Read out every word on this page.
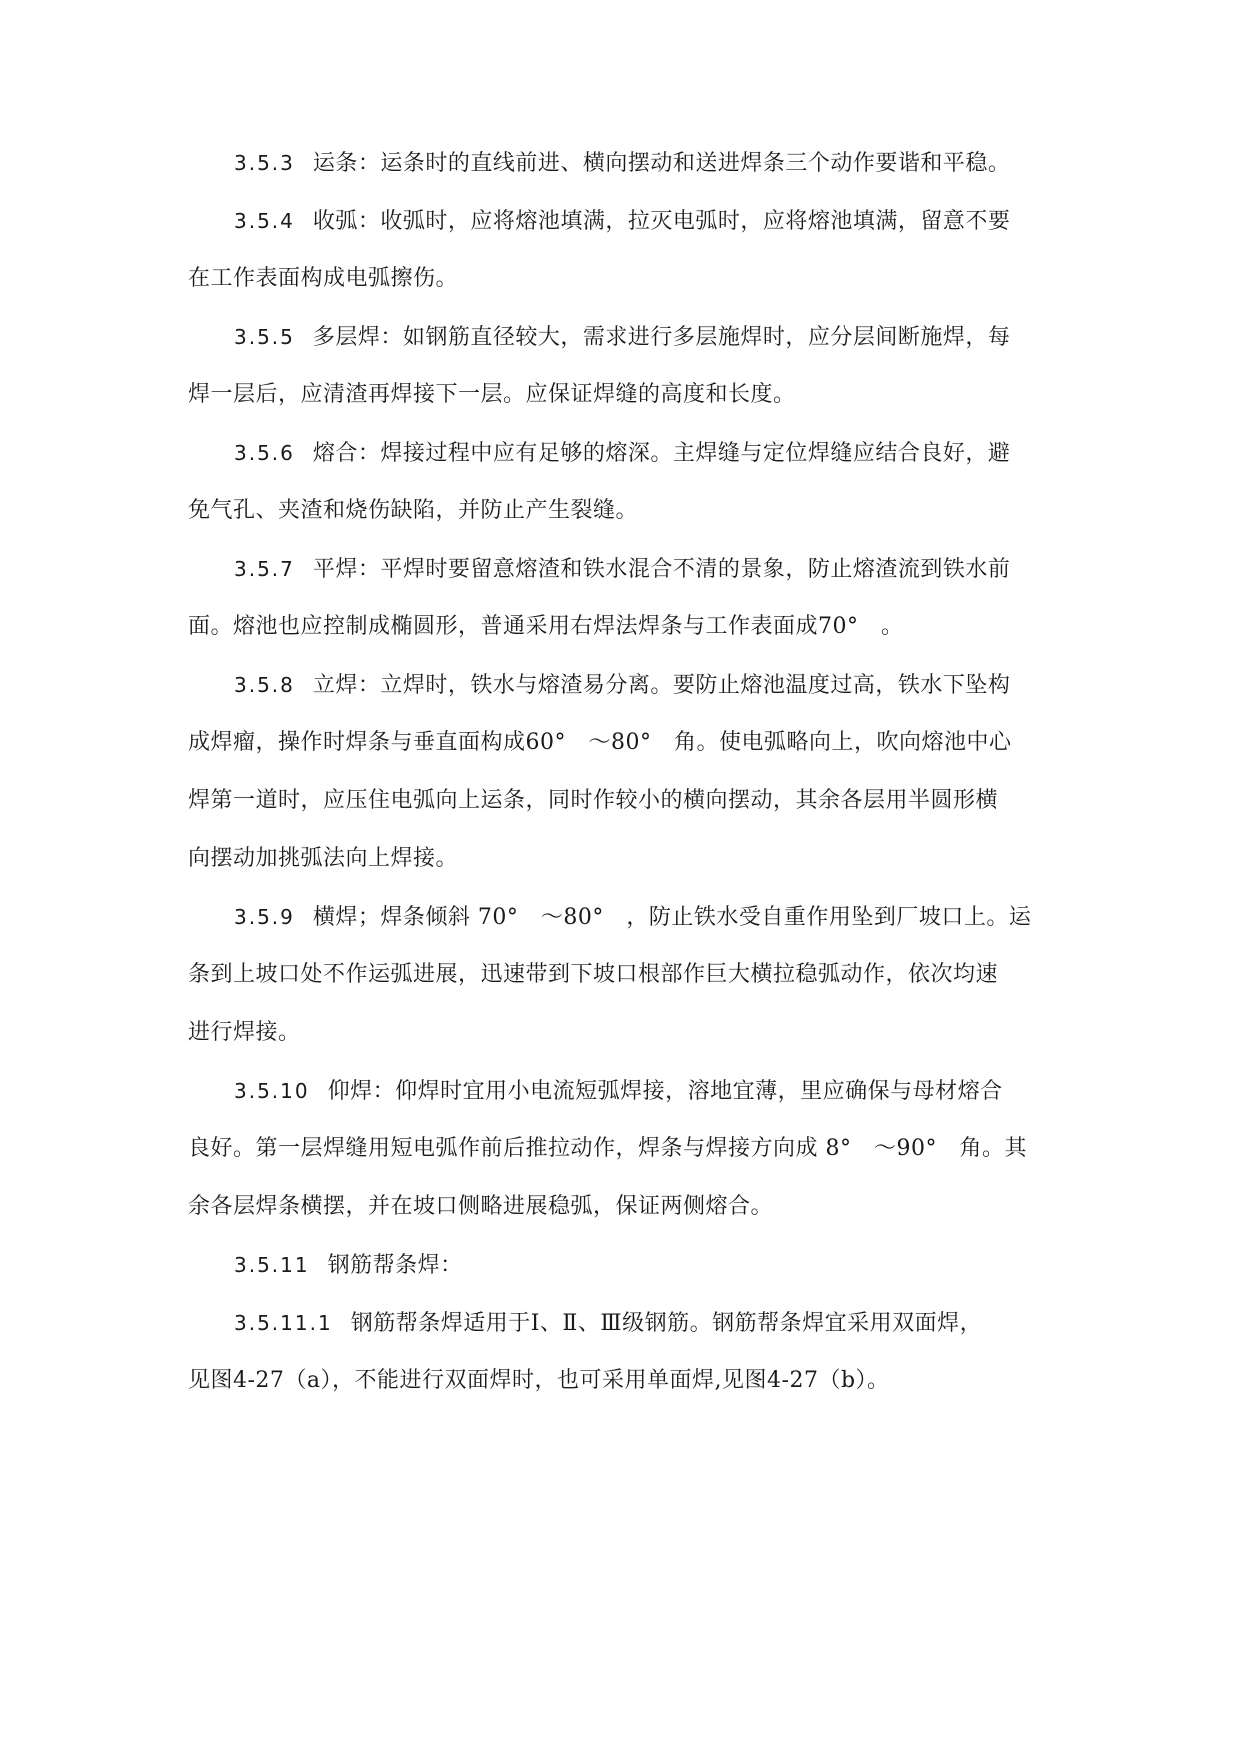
3.5.3 运条：运条时的直线前进、横向摆动和送进焊条三个动作要谐和平稳。
3.5.4 收弧：收弧时，应将熔池填满，拉灭电弧时，应将熔池填满，留意不要
在工作表面构成电弧擦伤。
3.5.5 多层焊：如钢筋直径较大，需求进行多层施焊时，应分层间断施焊，每
焊一层后，应清渣再焊接下一层。应保证焊缝的高度和长度。
3.5.6 熔合：焊接过程中应有足够的熔深。主焊缝与定位焊缝应结合良好，避
免气孔、夹渣和烧伤缺陷，并防止产生裂缝。
3.5.7 平焊：平焊时要留意熔渣和铁水混合不清的景象，防止熔渣流到铁水前
面。熔池也应控制成椭圆形，普通采用右焊法焊条与工作表面成70°　。
3.5.8 立焊：立焊时，铁水与熔渣易分离。要防止熔池温度过高，铁水下坠构
成焊瘤，操作时焊条与垂直面构成60°　～80°　角。使电弧略向上，吹向熔池中心
焊第一道时，应压住电弧向上运条，同时作较小的横向摆动，其余各层用半圆形横
向摆动加挑弧法向上焊接。
3.5.9 横焊；焊条倾斜 70°　～80°　，防止铁水受自重作用坠到厂坡口上。运
条到上坡口处不作运弧进展，迅速带到下坡口根部作巨大横拉稳弧动作，依次均速
进行焊接。
3.5.10 仰焊：仰焊时宜用小电流短弧焊接，溶地宜薄，里应确保与母材熔合
良好。第一层焊缝用短电弧作前后推拉动作，焊条与焊接方向成 8°　～90°　角。其
余各层焊条横摆，并在坡口侧略进展稳弧，保证两侧熔合。
3.5.11 钢筋帮条焊：
3.5.11.1 钢筋帮条焊适用于Ⅰ、Ⅱ、Ⅲ级钢筋。钢筋帮条焊宜采用双面焊，
见图4-27（a），不能进行双面焊时，也可采用单面焊,见图4-27（b）。
